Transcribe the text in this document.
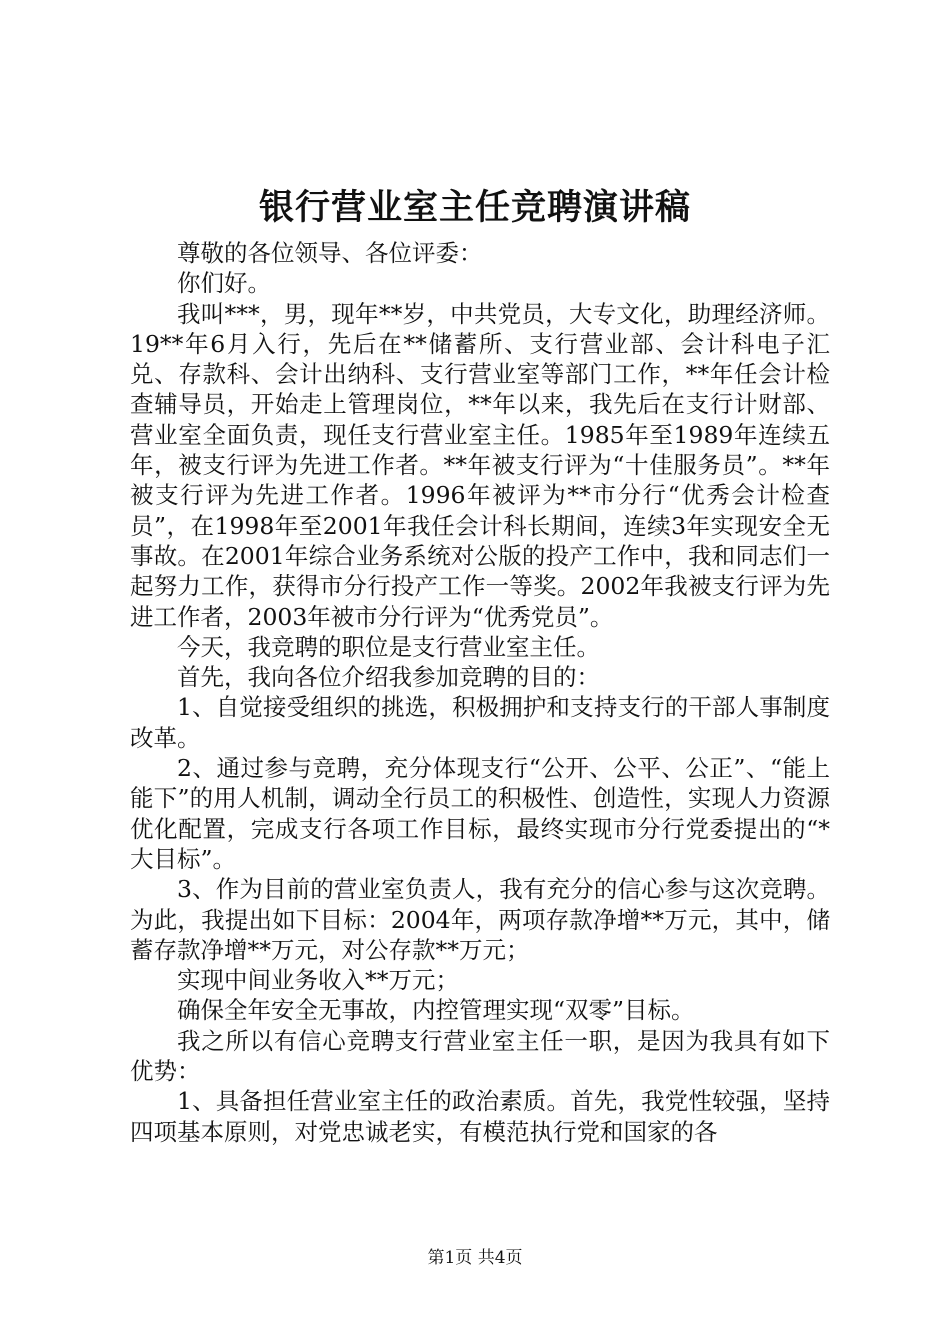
银行营业室主任竞聘演讲稿

尊敬的各位领导、各位评委：

你们好。

我叫***，男，现年**岁，中共党员，大专文化，助理经济师。19**年6月入行，先后在**储蓄所、支行营业部、会计科电子汇兑、存款科、会计出纳科、支行营业室等部门工作，**年任会计检查辅导员，开始走上管理岗位，**年以来，我先后在支行计财部、营业室全面负责，现任支行营业室主任。1985年至1989年连续五年，被支行评为先进工作者。**年被支行评为“十佳服务员”。**年被支行评为先进工作者。1996年被评为**市分行“优秀会计检查员”，在1998年至2001年我任会计科长期间，连续3年实现安全无事故。在2001年综合业务系统对公版的投产工作中，我和同志们一起努力工作，获得市分行投产工作一等奖。2002年我被支行评为先进工作者，2003年被市分行评为“优秀党员”。

今天，我竞聘的职位是支行营业室主任。

首先，我向各位介绍我参加竞聘的目的：

1、自觉接受组织的挑选，积极拥护和支持支行的干部人事制度改革。

2、通过参与竞聘，充分体现支行“公开、公平、公正”、“能上能下”的用人机制，调动全行员工的积极性、创造性，实现人力资源优化配置，完成支行各项工作目标，最终实现市分行党委提出的“*大目标”。

3、作为目前的营业室负责人，我有充分的信心参与这次竞聘。为此，我提出如下目标：2004年，两项存款净增**万元，其中，储蓄存款净增**万元，对公存款**万元；

实现中间业务收入**万元；

确保全年安全无事故，内控管理实现“双零”目标。

我之所以有信心竞聘支行营业室主任一职，是因为我具有如下优势：

1、具备担任营业室主任的政治素质。首先，我党性较强，坚持四项基本原则，对党忠诚老实，有模范执行党和国家的各

第1页 共4页
